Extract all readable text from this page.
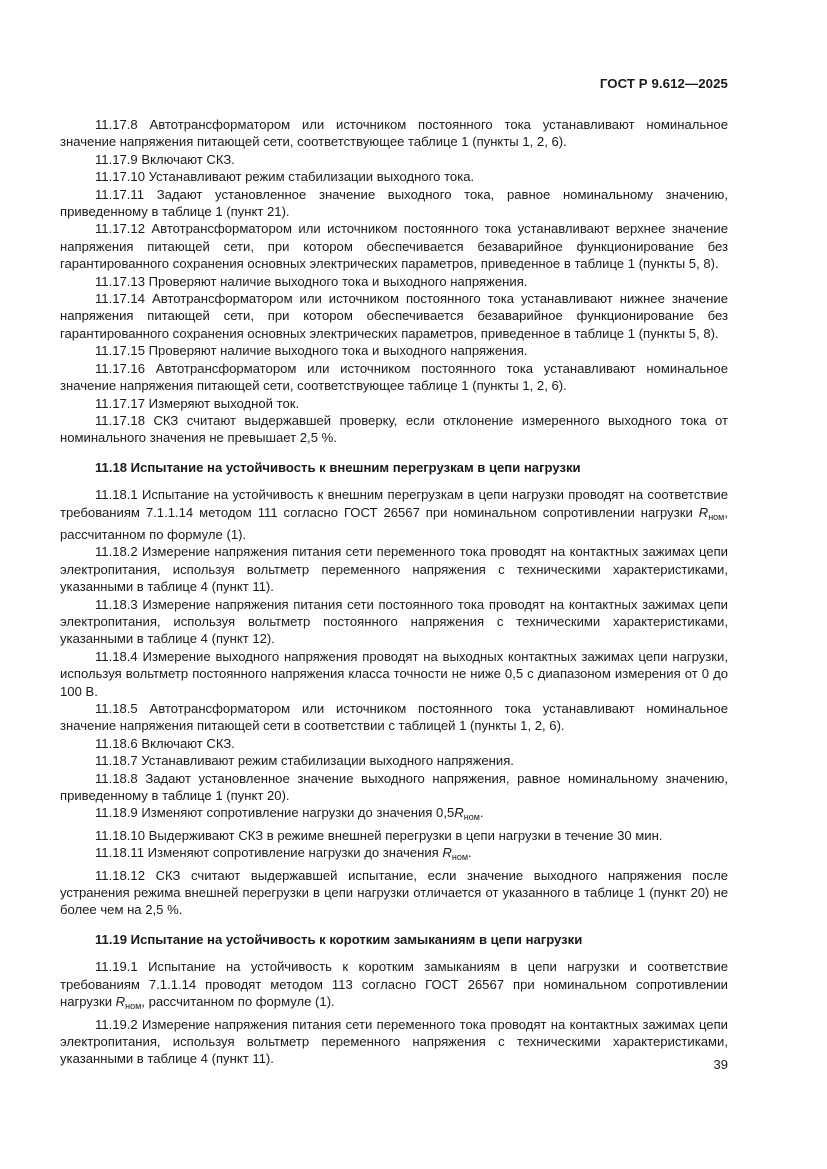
ГОСТ Р 9.612—2025

11.17.8 Автотрансформатором или источником постоянного тока устанавливают номинальное значение напряжения питающей сети, соответствующее таблице 1 (пункты 1, 2, 6).

11.17.9 Включают СКЗ.

11.17.10 Устанавливают режим стабилизации выходного тока.

11.17.11 Задают установленное значение выходного тока, равное номинальному значению, приведенному в таблице 1 (пункт 21).

11.17.12 Автотрансформатором или источником постоянного тока устанавливают верхнее значение напряжения питающей сети, при котором обеспечивается безаварийное функционирование без гарантированного сохранения основных электрических параметров, приведенное в таблице 1 (пункты 5, 8).

11.17.13 Проверяют наличие выходного тока и выходного напряжения.

11.17.14 Автотрансформатором или источником постоянного тока устанавливают нижнее значение напряжения питающей сети, при котором обеспечивается безаварийное функционирование без гарантированного сохранения основных электрических параметров, приведенное в таблице 1 (пункты 5, 8).

11.17.15 Проверяют наличие выходного тока и выходного напряжения.

11.17.16 Автотрансформатором или источником постоянного тока устанавливают номинальное значение напряжения питающей сети, соответствующее таблице 1 (пункты 1, 2, 6).

11.17.17 Измеряют выходной ток.

11.17.18 СКЗ считают выдержавшей проверку, если отклонение измеренного выходного тока от номинального значения не превышает 2,5 %.

11.18 Испытание на устойчивость к внешним перегрузкам в цепи нагрузки

11.18.1 Испытание на устойчивость к внешним перегрузкам в цепи нагрузки проводят на соответствие требованиям 7.1.1.14 методом 111 согласно ГОСТ 26567 при номинальном сопротивлении нагрузки $R_{ном}$, рассчитанном по формуле (1).

11.18.2 Измерение напряжения питания сети переменного тока проводят на контактных зажимах цепи электропитания, используя вольтметр переменного напряжения с техническими характеристиками, указанными в таблице 4 (пункт 11).

11.18.3 Измерение напряжения питания сети постоянного тока проводят на контактных зажимах цепи электропитания, используя вольтметр постоянного напряжения с техническими характеристиками, указанными в таблице 4 (пункт 12).

11.18.4 Измерение выходного напряжения проводят на выходных контактных зажимах цепи нагрузки, используя вольтметр постоянного напряжения класса точности не ниже 0,5 с диапазоном измерения от 0 до 100 В.

11.18.5 Автотрансформатором или источником постоянного тока устанавливают номинальное значение напряжения питающей сети в соответствии с таблицей 1 (пункты 1, 2, 6).

11.18.6 Включают СКЗ.

11.18.7 Устанавливают режим стабилизации выходного напряжения.

11.18.8 Задают установленное значение выходного напряжения, равное номинальному значению, приведенному в таблице 1 (пункт 20).

11.18.9 Изменяют сопротивление нагрузки до значения $0,5R_{ном}$.

11.18.10 Выдерживают СКЗ в режиме внешней перегрузки в цепи нагрузки в течение 30 мин.

11.18.11 Изменяют сопротивление нагрузки до значения $R_{ном}$.

11.18.12 СКЗ считают выдержавшей испытание, если значение выходного напряжения после устранения режима внешней перегрузки в цепи нагрузки отличается от указанного в таблице 1 (пункт 20) не более чем на 2,5 %.

11.19 Испытание на устойчивость к коротким замыканиям в цепи нагрузки

11.19.1 Испытание на устойчивость к коротким замыканиям в цепи нагрузки и соответствие требованиям 7.1.1.14 проводят методом 113 согласно ГОСТ 26567 при номинальном сопротивлении нагрузки $R_{ном}$, рассчитанном по формуле (1).

11.19.2 Измерение напряжения питания сети переменного тока проводят на контактных зажимах цепи электропитания, используя вольтметр переменного напряжения с техническими характеристиками, указанными в таблице 4 (пункт 11).	39
